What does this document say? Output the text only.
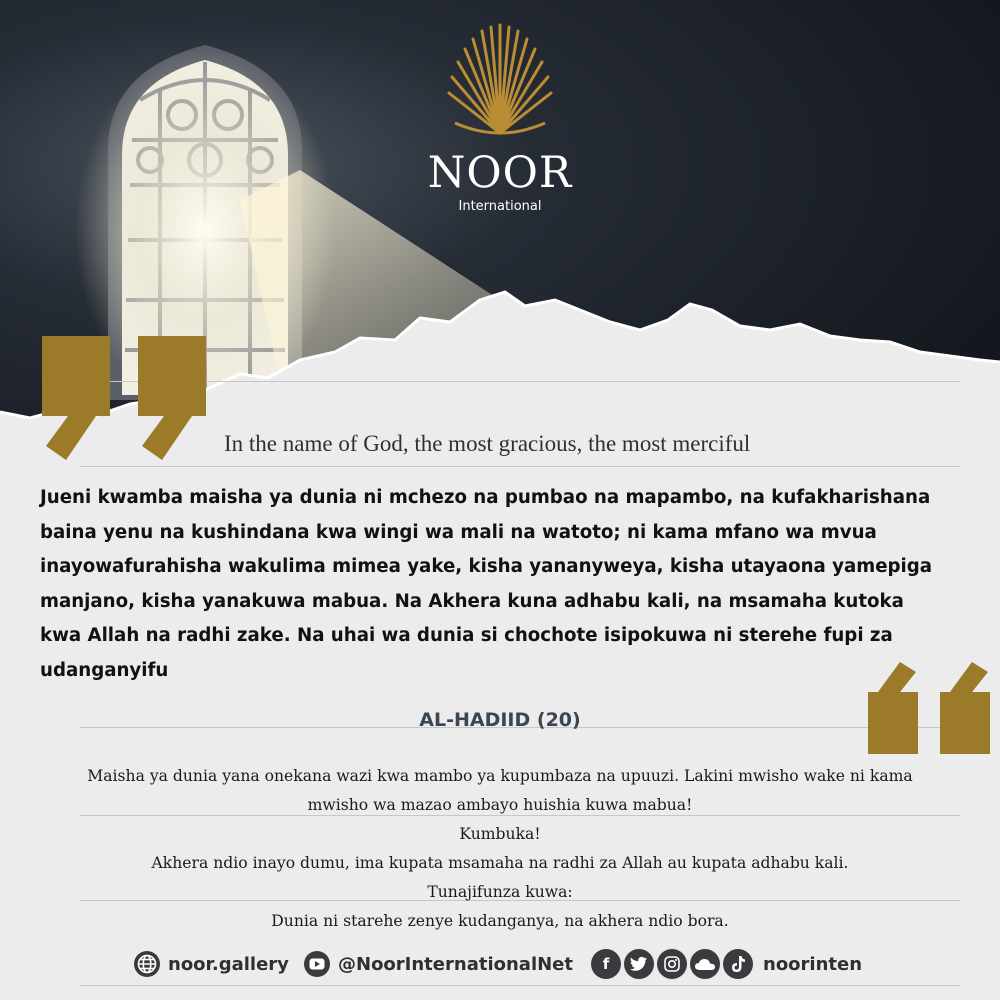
NOOR
International
In the name of God, the most gracious, the most merciful
Jueni kwamba maisha ya dunia ni mchezo na pumbao na mapambo, na kufakharishana
baina yenu na kushindana kwa wingi wa mali na watoto; ni kama mfano wa mvua
inayowafurahisha wakulima mimea yake, kisha yananyweya, kisha utayaona yamepiga
manjano, kisha yanakuwa mabua. Na Akhera kuna adhabu kali, na msamaha kutoka
kwa Allah na radhi zake. Na uhai wa dunia si chochote isipokuwa ni sterehe fupi za
udanganyifu
AL-HADIID (20)
Maisha ya dunia yana onekana wazi kwa mambo ya kupumbaza na upuuzi. Lakini mwisho wake ni kama
mwisho wa mazao ambayo huishia kuwa mabua!
Kumbuka!
Akhera ndio inayo dumu, ima kupata msamaha na radhi za Allah au kupata adhabu kali.
Tunajifunza kuwa:
Dunia ni starehe zenye kudanganya, na akhera ndio bora.
noor.gallery	@NoorInternationalNet	f	noorinten
